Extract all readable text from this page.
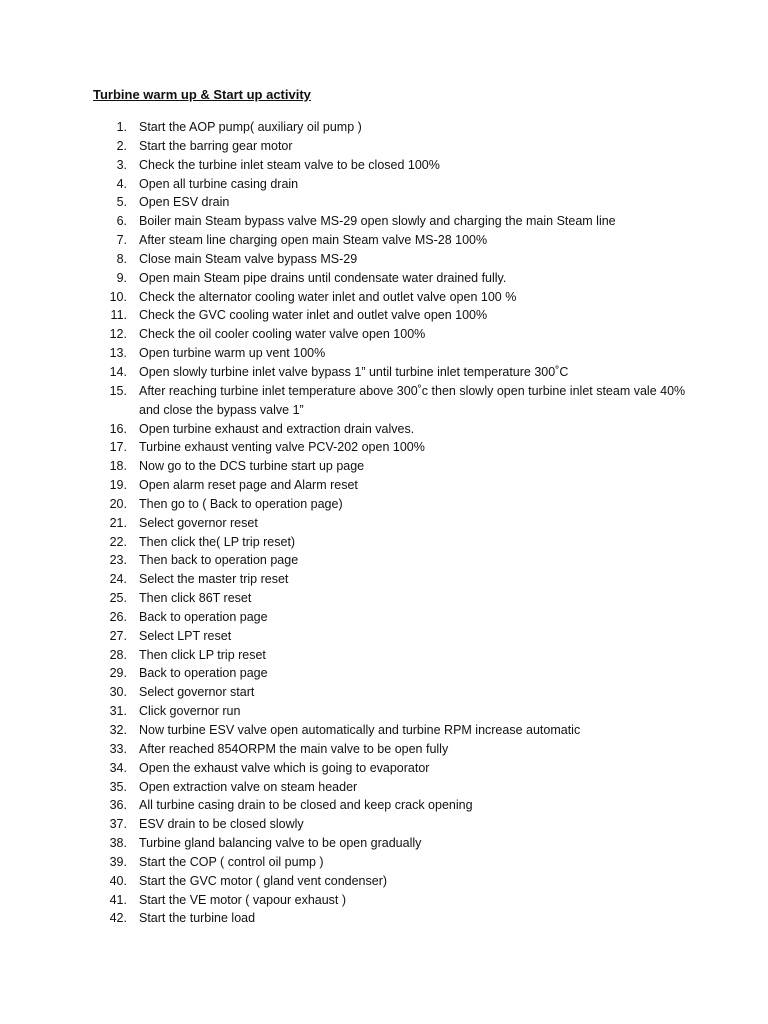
Turbine warm up & Start up activity
1. Start the AOP pump( auxiliary oil pump )
2. Start the barring gear motor
3. Check the turbine inlet steam valve to be closed 100%
4. Open all turbine casing drain
5. Open ESV drain
6. Boiler main Steam bypass valve MS-29 open slowly and charging the main Steam line
7. After steam line charging open main Steam valve MS-28 100%
8. Close main Steam valve bypass MS-29
9. Open main Steam pipe drains until condensate water drained fully.
10. Check the alternator cooling water inlet and outlet valve open 100 %
11. Check the GVC cooling water inlet and outlet valve open 100%
12. Check the oil cooler cooling water valve open 100%
13. Open turbine warm up vent 100%
14. Open slowly turbine inlet valve bypass 1” until turbine inlet temperature 300˚C
15. After reaching turbine inlet temperature above 300˚c then slowly open turbine inlet steam vale 40% and close the bypass valve 1”
16. Open turbine exhaust and extraction drain valves.
17. Turbine exhaust venting valve PCV-202 open 100%
18. Now go to the DCS turbine start up page
19. Open alarm reset page and Alarm reset
20. Then go to ( Back to operation page)
21. Select governor reset
22. Then click the( LP trip reset)
23. Then back to operation page
24. Select the master trip reset
25. Then click 86T reset
26. Back to operation page
27. Select LPT reset
28. Then click LP trip reset
29. Back to operation page
30. Select governor start
31. Click governor run
32. Now turbine ESV valve open automatically and turbine RPM increase automatic
33. After reached 854ORPM the main valve to be open fully
34. Open the exhaust valve which is going to evaporator
35. Open extraction valve on steam header
36. All turbine casing drain to be closed and keep crack opening
37. ESV drain to be closed slowly
38. Turbine gland balancing valve to be open gradually
39. Start the COP ( control oil pump )
40. Start the GVC motor ( gland vent condenser)
41. Start the VE motor ( vapour exhaust )
42. Start the turbine load
